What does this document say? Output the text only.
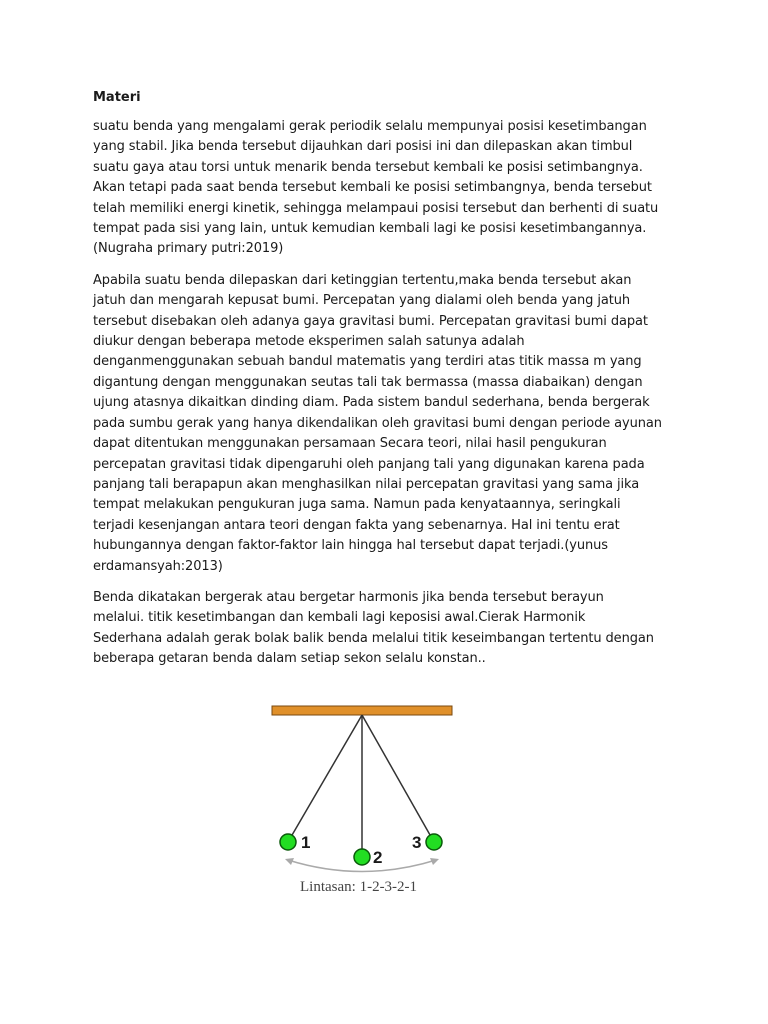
Materi
suatu benda yang mengalami gerak periodik selalu mempunyai posisi kesetimbangan
yang stabil. Jika benda tersebut dijauhkan dari posisi ini dan dilepaskan akan timbul
suatu gaya atau torsi untuk menarik benda tersebut kembali ke posisi setimbangnya.
Akan tetapi pada saat benda tersebut kembali ke posisi setimbangnya, benda tersebut
telah memiliki energi kinetik, sehingga melampaui posisi tersebut dan berhenti di suatu
tempat pada sisi yang lain, untuk kemudian kembali lagi ke posisi kesetimbangannya.
(Nugraha primary putri:2019)
Apabila suatu benda dilepaskan dari ketinggian tertentu,maka benda tersebut akan
jatuh dan mengarah kepusat bumi. Percepatan yang dialami oleh benda yang jatuh
tersebut disebakan oleh adanya gaya gravitasi bumi. Percepatan gravitasi bumi dapat
diukur dengan beberapa metode eksperimen salah satunya adalah
denganmenggunakan sebuah bandul matematis yang terdiri atas titik massa m yang
digantung dengan menggunakan seutas tali tak bermassa (massa diabaikan) dengan
ujung atasnya dikaitkan dinding diam. Pada sistem bandul sederhana, benda bergerak
pada sumbu gerak yang hanya dikendalikan oleh gravitasi bumi dengan periode ayunan
dapat ditentukan menggunakan persamaan Secara teori, nilai hasil pengukuran
percepatan gravitasi tidak dipengaruhi oleh panjang tali yang digunakan karena pada
panjang tali berapapun akan menghasilkan nilai percepatan gravitasi yang sama jika
tempat melakukan pengukuran juga sama. Namun pada kenyataannya, seringkali
terjadi kesenjangan antara teori dengan fakta yang sebenarnya. Hal ini tentu erat
hubungannya dengan faktor-faktor lain hingga hal tersebut dapat terjadi.(yunus
erdamansyah:2013)
Benda dikatakan bergerak atau bergetar harmonis jika benda tersebut berayun
melalui. titik kesetimbangan dan kembali lagi keposisi awal.Cierak Harmonik
Sederhana adalah gerak bolak balik benda melalui titik keseimbangan tertentu dengan
beberapa getaran benda dalam setiap sekon selalu konstan..
1
2
3
Lintasan: 1-2-3-2-1
